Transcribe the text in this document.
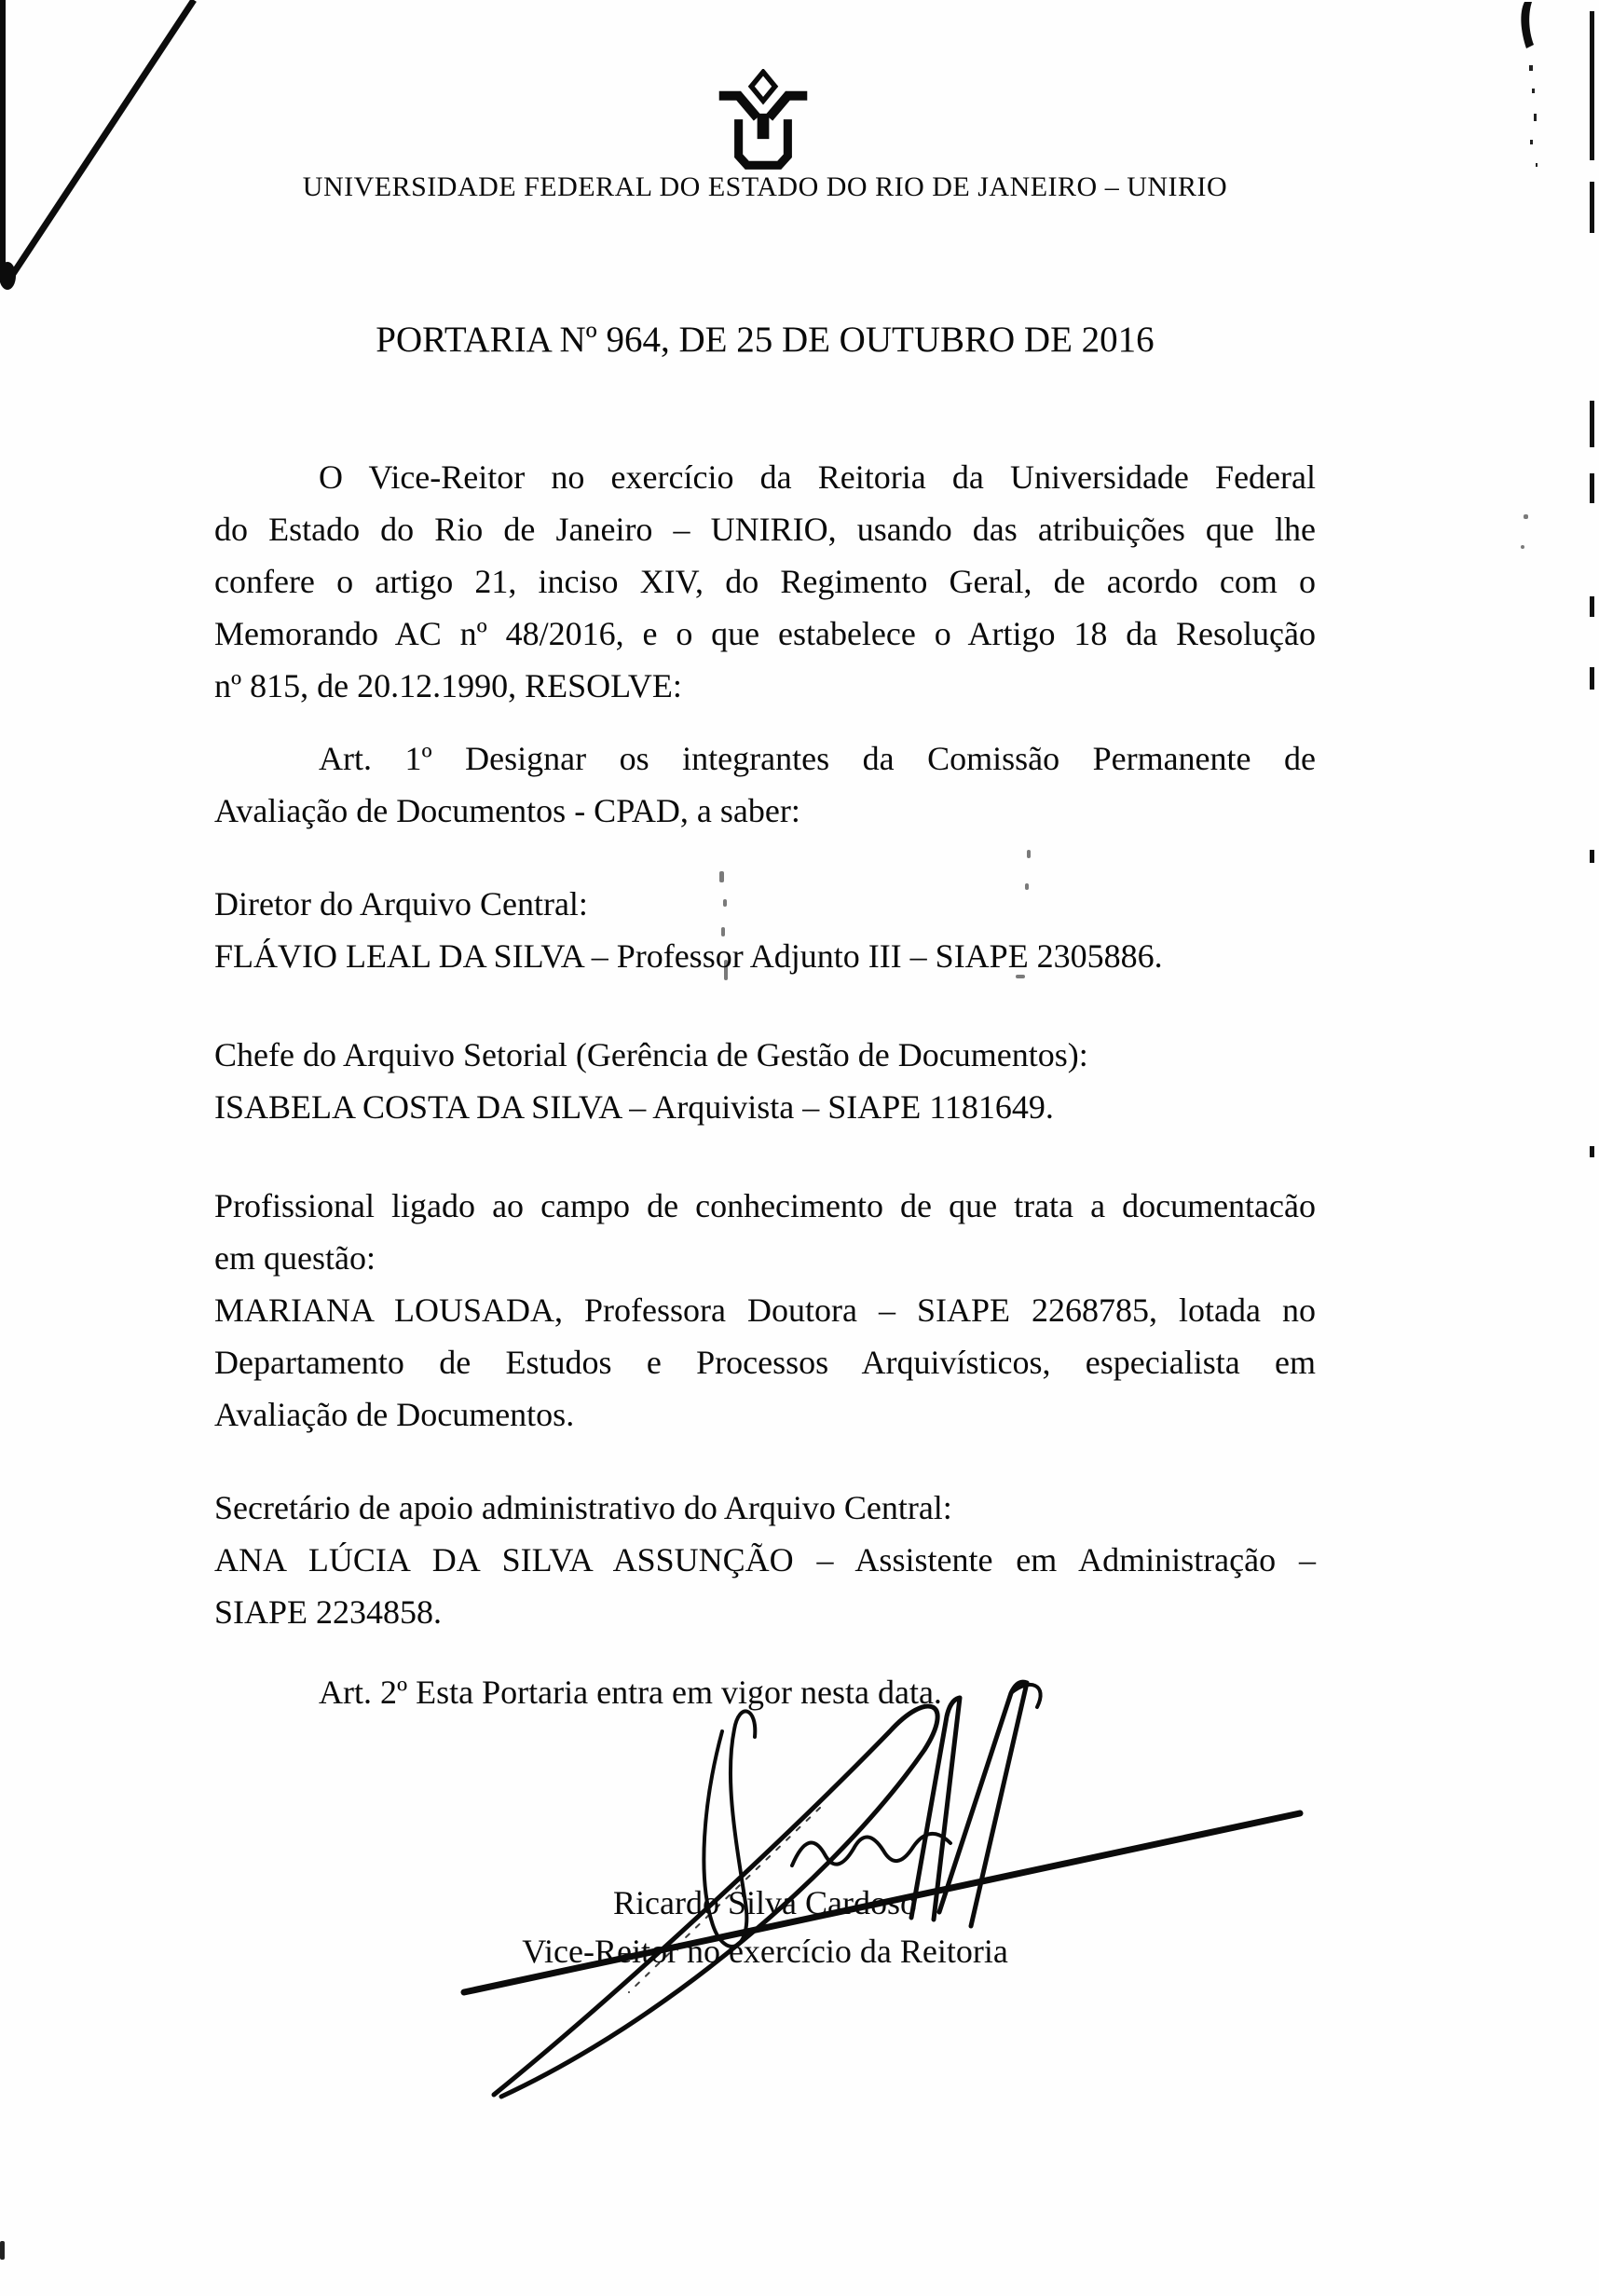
UNIVERSIDADE FEDERAL DO ESTADO DO RIO DE JANEIRO – UNIRIO
PORTARIA Nº 964, DE 25 DE OUTUBRO DE 2016
O Vice-Reitor no exercício da Reitoria da Universidade Federal
do Estado do Rio de Janeiro – UNIRIO, usando das atribuições que lhe
confere o artigo 21, inciso XIV, do Regimento Geral, de acordo com o
Memorando AC nº 48/2016, e o que estabelece o Artigo 18 da Resolução
nº 815, de 20.12.1990, RESOLVE:
Art. 1º Designar os integrantes da Comissão Permanente de
Avaliação de Documentos - CPAD, a saber:
Diretor do Arquivo Central:
FLÁVIO LEAL DA SILVA – Professor Adjunto III – SIAPE 2305886.
Chefe do Arquivo Setorial (Gerência de Gestão de Documentos):
ISABELA COSTA DA SILVA – Arquivista – SIAPE 1181649.
Profissional ligado ao campo de conhecimento de que trata a documentacão
em questão:
MARIANA LOUSADA, Professora Doutora – SIAPE 2268785, lotada no
Departamento de Estudos e Processos Arquivísticos, especialista em
Avaliação de Documentos.
Secretário de apoio administrativo do Arquivo Central:
ANA LÚCIA DA SILVA ASSUNÇÃO – Assistente em Administração –
SIAPE 2234858.
Art. 2º Esta Portaria entra em vigor nesta data.
Ricardo Silva Cardoso
Vice-Reitor no exercício da Reitoria
